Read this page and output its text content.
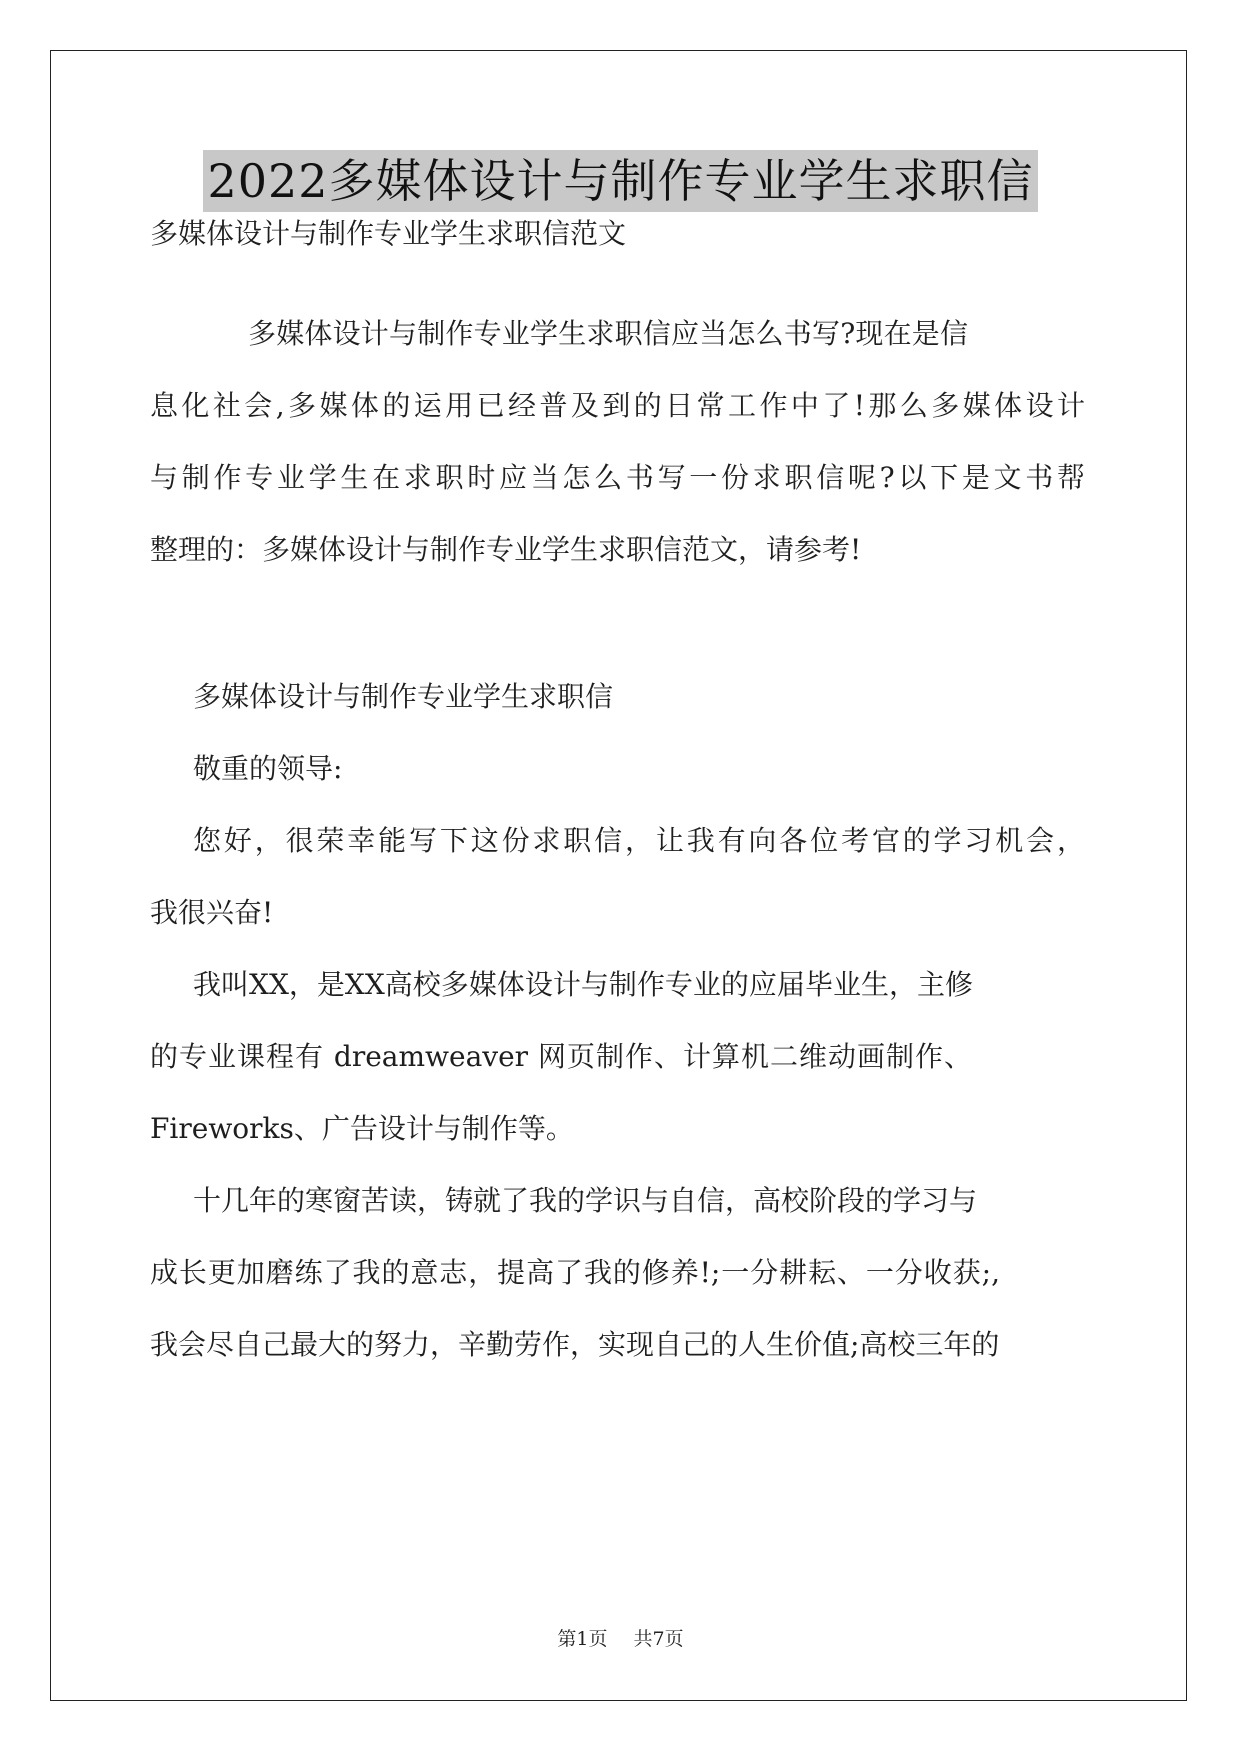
2022多媒体设计与制作专业学生求职信
多媒体设计与制作专业学生求职信范文
多媒体设计与制作专业学生求职信应当怎么书写?现在是信
息化社会,多媒体的运用已经普及到的日常工作中了!那么多媒体设计
与制作专业学生在求职时应当怎么书写一份求职信呢?以下是文书帮
整理的：多媒体设计与制作专业学生求职信范文，请参考!
多媒体设计与制作专业学生求职信
敬重的领导:
您好，很荣幸能写下这份求职信，让我有向各位考官的学习机会，
我很兴奋!
我叫XX，是XX高校多媒体设计与制作专业的应届毕业生，主修
的专业课程有 dreamweaver 网页制作、计算机二维动画制作、
Fireworks、广告设计与制作等。
十几年的寒窗苦读，铸就了我的学识与自信，高校阶段的学习与
成长更加磨练了我的意志，提高了我的修养!;一分耕耘、一分收获;,
我会尽自己最大的努力，辛勤劳作，实现自己的人生价值;高校三年的
第1页 共7页
